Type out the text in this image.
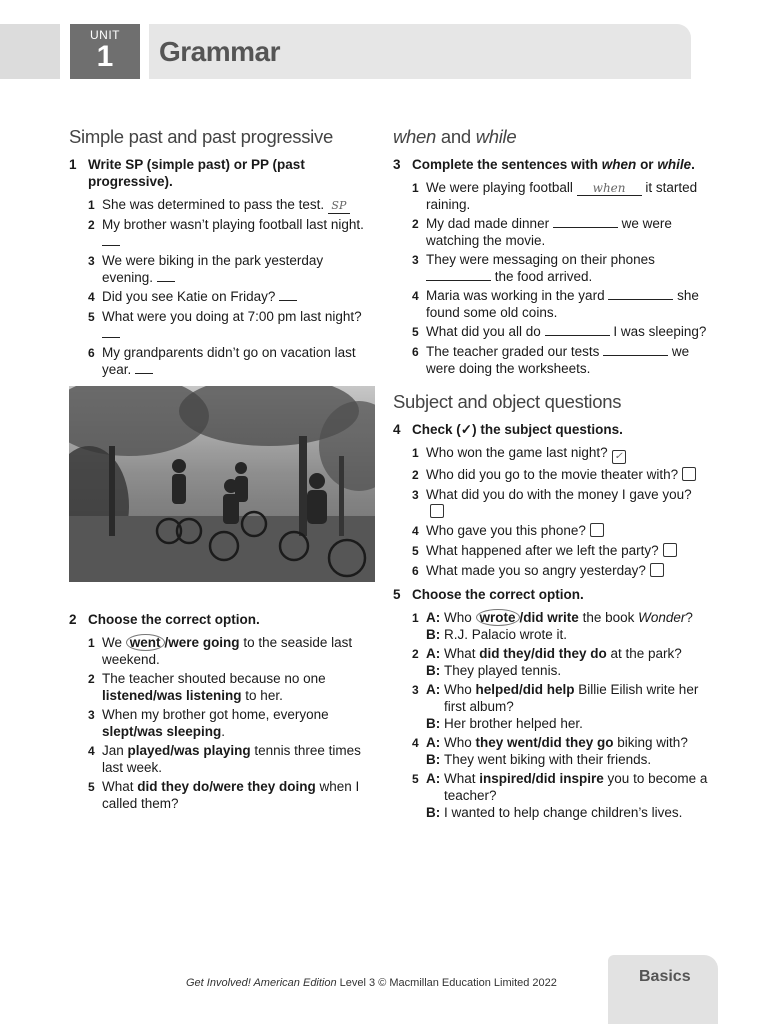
UNIT
1	Grammar
Simple past and past progressive
1 Write SP (simple past) or PP (past progressive).
1 She was determined to pass the test. SP
2 My brother wasn’t playing football last night.
3 We were biking in the park yesterday evening.
4 Did you see Katie on Friday?
5 What were you doing at 7:00 pm last night?
6 My grandparents didn’t go on vacation last year.
2 Choose the correct option.
1 We went /were going to the seaside last weekend.
2 The teacher shouted because no one listened/was listening to her.
3 When my brother got home, everyone slept/was sleeping.
4 Jan played/was playing tennis three times last week.
5 What did they do/were they doing when I called them?
when and while
3 Complete the sentences with when or while.
1 We were playing football when it started raining.
2 My dad made dinner	we were watching the movie.
3 They were messaging on their phones  the food arrived.
4 Maria was working in the yard	she found some old coins.
5 What did you all do	I was sleeping?
6 The teacher graded our tests	we were doing the worksheets.
Subject and object questions
4 Check (✓) the subject questions.
1 Who won the game last night? ✓
2 Who did you go to the movie theater with?
3 What did you do with the money I gave you?
4 Who gave you this phone?
5 What happened after we left the party?
6 What made you so angry yesterday?
5 Choose the correct option.
1 A: Who wrote /did write the book Wonder?
B: R.J. Palacio wrote it.
2 A: What did they/did they do at the park?
B: They played tennis.
3 A: Who helped/did help Billie Eilish write her first album?
B: Her brother helped her.
4 A: Who they went/did they go biking with?
B: They went biking with their friends.
5 A: What inspired/did inspire you to become a teacher?
B: I wanted to help change children’s lives.
Get Involved! American Edition Level 3 © Macmillan Education Limited 2022	Basics
